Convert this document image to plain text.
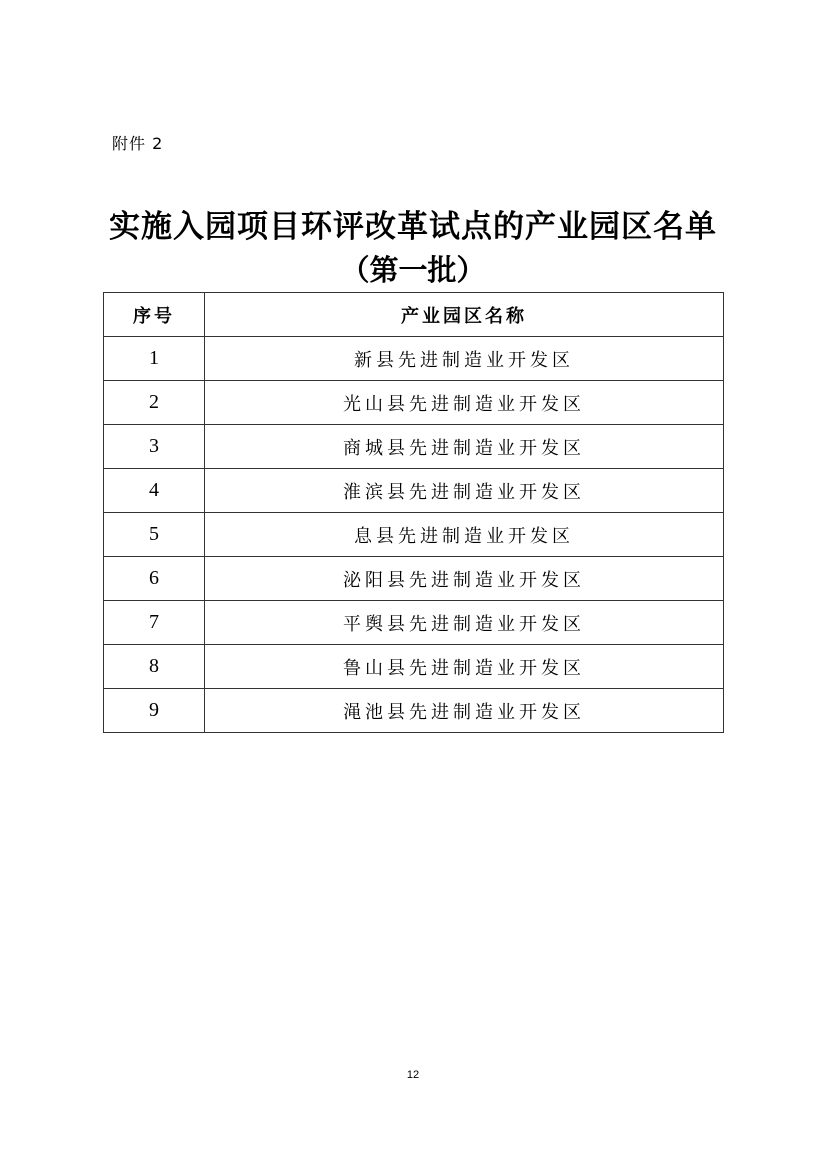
附件 2
实施入园项目环评改革试点的产业园区名单
（第一批）
序号	产业园区名称
1	新县先进制造业开发区
2	光山县先进制造业开发区
3	商城县先进制造业开发区
4	淮滨县先进制造业开发区
5	息县先进制造业开发区
6	泌阳县先进制造业开发区
7	平舆县先进制造业开发区
8	鲁山县先进制造业开发区
9	渑池县先进制造业开发区
12
